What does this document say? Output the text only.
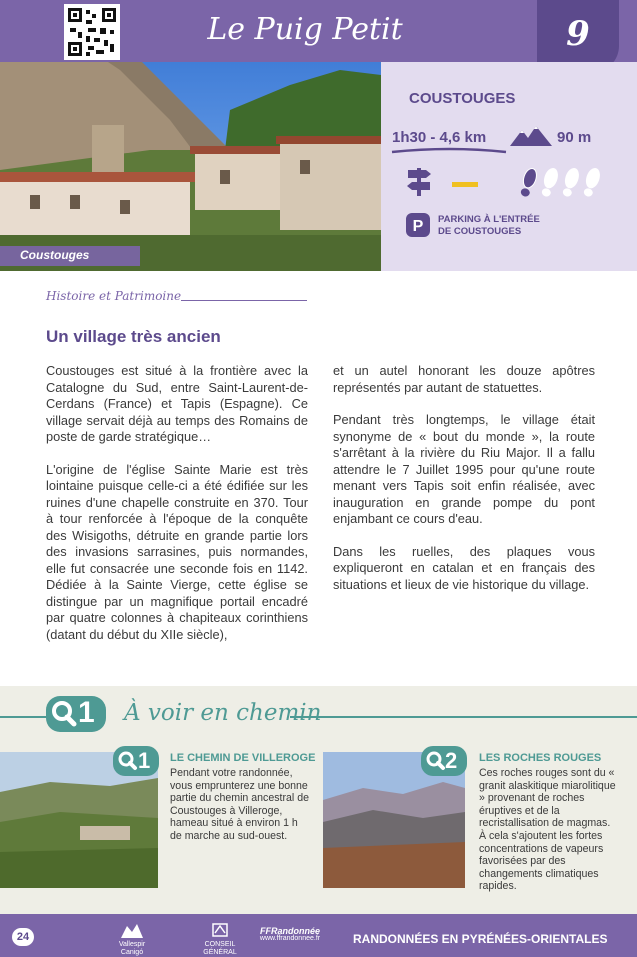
Le Puig Petit	9
Coustouges
COUSTOUGES
1h30 - 4,6 km	90 m
P PARKING À L'ENTRÉE
DE COUSTOUGES
Histoire et Patrimoine
Un village très ancien

Coustouges est situé à la frontière avec la Catalogne du Sud, entre Saint-Laurent-de-Cerdans (France) et Tapis (Espagne). Ce village servait déjà au temps des Romains de poste de garde stratégique…

L'origine de l'église Sainte Marie est très lointaine puisque celle-ci a été édifiée sur les ruines d'une chapelle construite en 370. Tour à tour renforcée à l'époque de la conquête des Wisigoths, détruite en grande partie lors des invasions sarrasines, puis normandes, elle fut consacrée une seconde fois en 1142. Dédiée à la Sainte Vierge, cette église se distingue par un magnifique portail encadré par quatre colonnes à chapiteaux corinthiens (datant du début du XIIe siècle),

et un autel honorant les douze apôtres représentés par autant de statuettes.

Pendant très longtemps, le village était synonyme de « bout du monde », la route s'arrêtant à la rivière du Riu Major. Il a fallu attendre le 7 Juillet 1995 pour qu'une route menant vers Tapis soit enfin réalisée, avec inauguration en grande pompe du pont enjambant ce cours d'eau.

Dans les ruelles, des plaques vous expliqueront en catalan et en français des situations et lieux de vie historique du village.

1 À voir en chemin
1 LE CHEMIN DE VILLEROGE
Pendant votre randonnée, vous emprunterez une bonne partie du chemin ancestral de Coustouges à Villeroge, hameau situé à environ 1 h de marche au sud-ouest.
2 LES ROCHES ROUGES
Ces roches rouges sont du « granit alaskitique miarolitique » provenant de roches éruptives et de la recristallisation de magmas. À cela s'ajoutent les fortes concentrations de vapeurs favorisées par des changements climatiques rapides.
24
Vallespir Canigó
CONSEIL GÉNÉRAL
FFRandonnée
www.ffrandonnee.fr	RANDONNÉES EN PYRÉNÉES-ORIENTALES
